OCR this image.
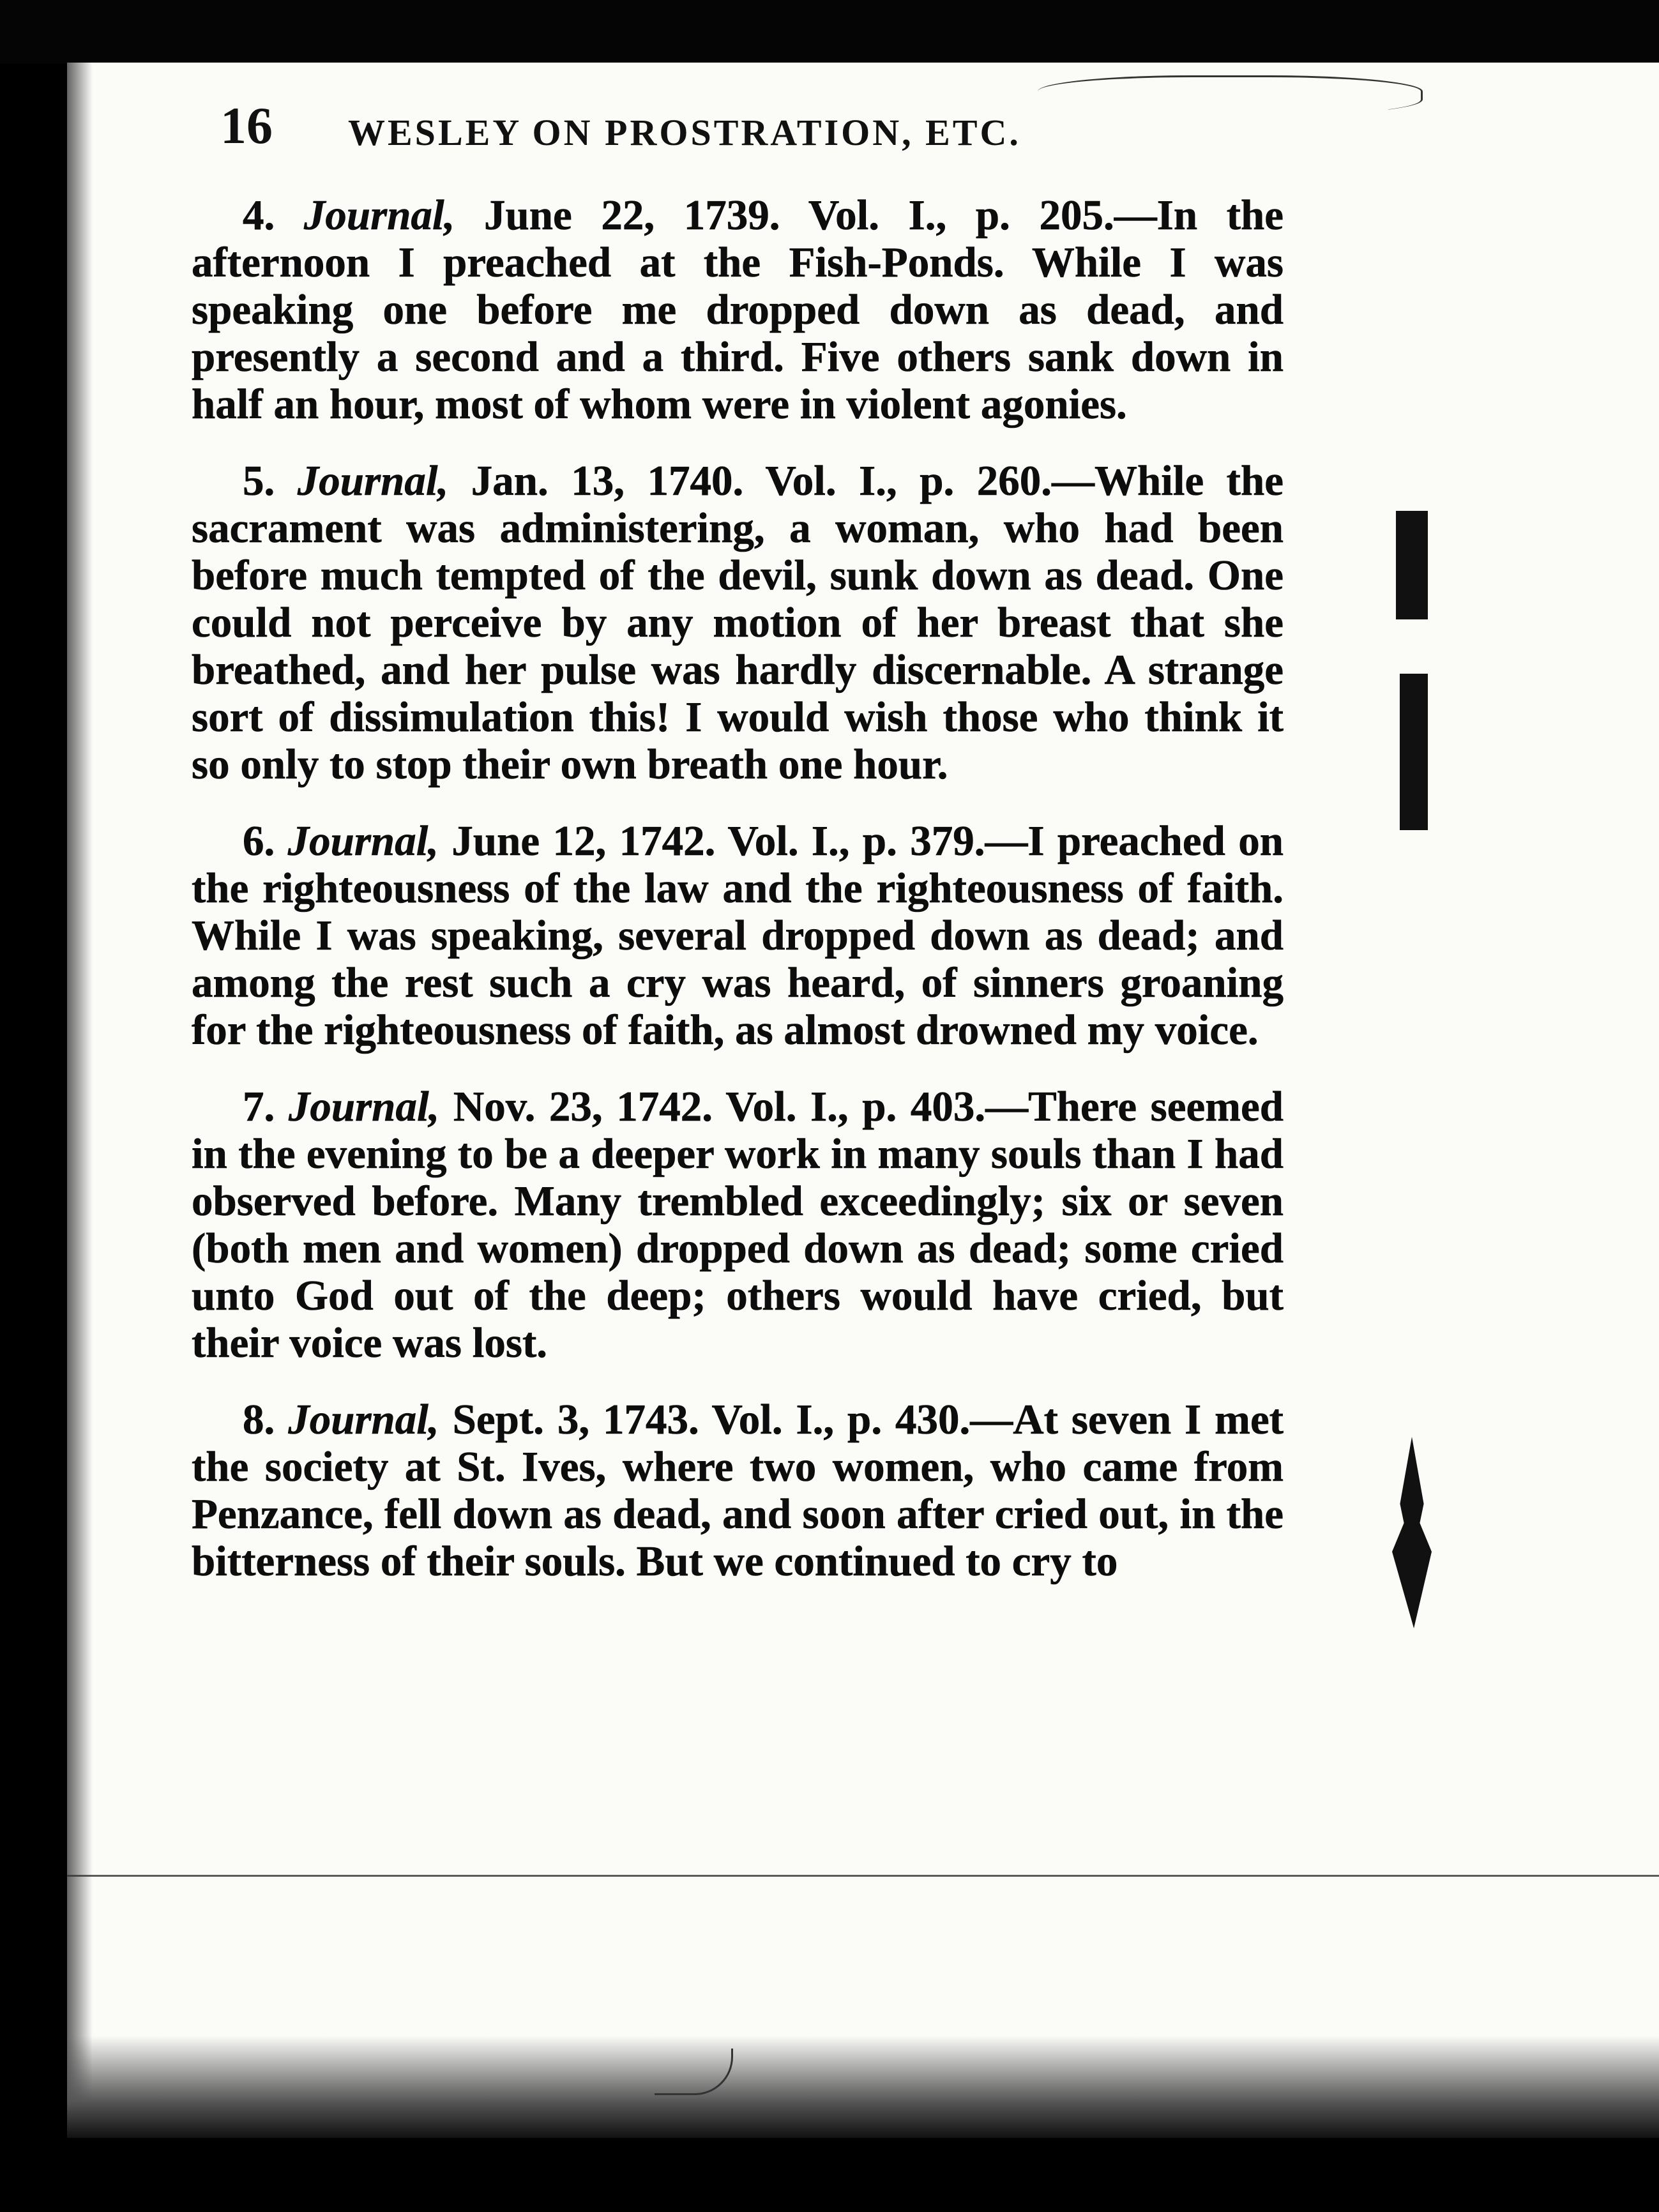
16 WESLEY ON PROSTRATION, ETC.

4. Journal, June 22, 1739. Vol. I., p. 205.—In the afternoon I preached at the Fish-Ponds. While I was speaking one before me dropped down as dead, and presently a second and a third. Five others sank down in half an hour, most of whom were in violent agonies.

5. Journal, Jan. 13, 1740. Vol. I., p. 260.—While the sacrament was administering, a woman, who had been before much tempted of the devil, sunk down as dead. One could not perceive by any motion of her breast that she breathed, and her pulse was hardly discernable. A strange sort of dissimulation this! I would wish those who think it so only to stop their own breath one hour.

6. Journal, June 12, 1742. Vol. I., p. 379.—I preached on the righteousness of the law and the righteousness of faith. While I was speaking, several dropped down as dead; and among the rest such a cry was heard, of sinners groaning for the righteousness of faith, as almost drowned my voice.

7. Journal, Nov. 23, 1742. Vol. I., p. 403.—There seemed in the evening to be a deeper work in many souls than I had observed before. Many trembled exceedingly; six or seven (both men and women) dropped down as dead; some cried unto God out of the deep; others would have cried, but their voice was lost.

8. Journal, Sept. 3, 1743. Vol. I., p. 430.—At seven I met the society at St. Ives, where two women, who came from Penzance, fell down as dead, and soon after cried out, in the bitterness of their souls. But we continued to cry to
